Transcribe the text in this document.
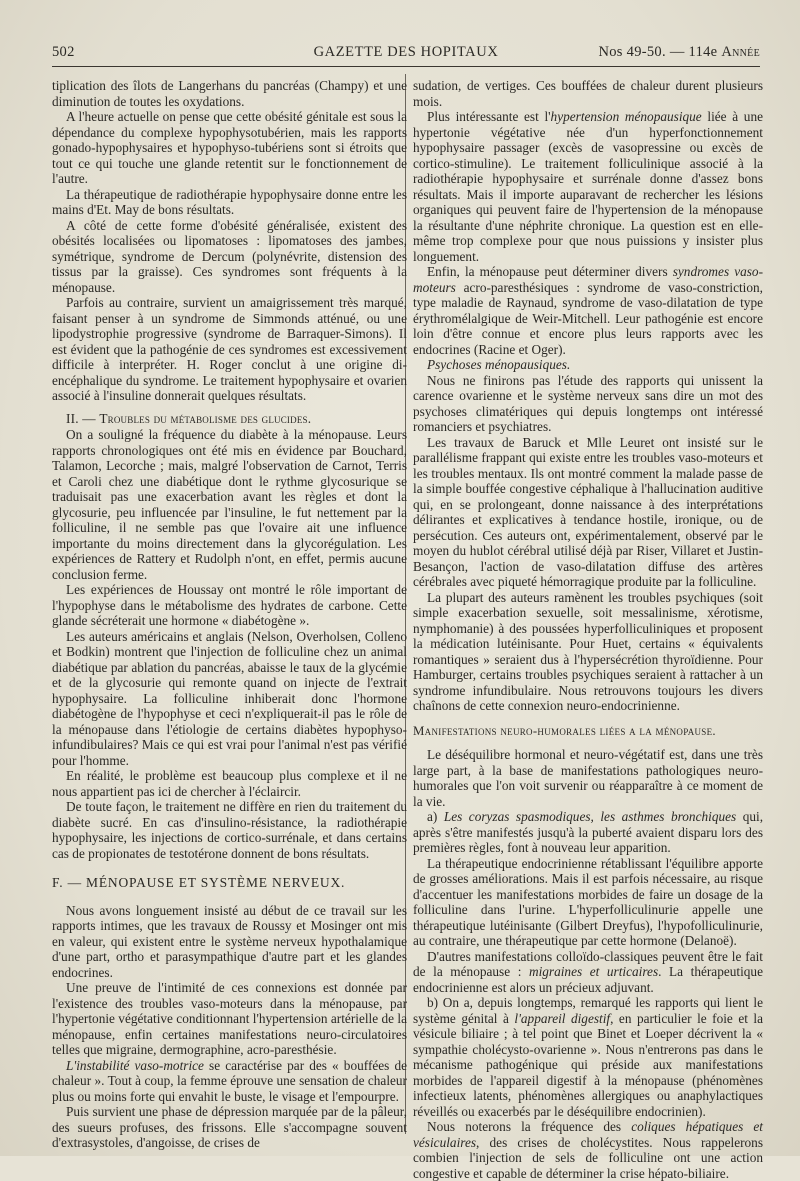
502	GAZETTE DES HOPITAUX	Nos 49-50. — 114e Année

tiplication des îlots de Langerhans du pancréas (Champy) et une diminution de toutes les oxydations.

A l'heure actuelle on pense que cette obésité génitale est sous la dépendance du complexe hypophysotubérien, mais les rapports gonado-hypophysaires et hypophyso-tubériens sont si étroits que tout ce qui touche une glande retentit sur le fonctionnement de l'autre.

La thérapeutique de radiothérapie hypophysaire donne entre les mains d'Et. May de bons résultats.

A côté de cette forme d'obésité généralisée, existent des obésités localisées ou lipomatoses : lipomatoses des jambes, symétrique, syndrome de Dercum (polynévrite, distension des tissus par la graisse). Ces syndromes sont fréquents à la ménopause.

Parfois au contraire, survient un amaigrissement très marqué, faisant penser à un syndrome de Simmonds atténué, ou une lipodystrophie progressive (syndrome de Barraquer-Simons). Il est évident que la pathogénie de ces syndromes est excessivement difficile à interpréter. H. Roger conclut à une origine di-encéphalique du syndrome. Le traitement hypophysaire et ovarien associé à l'insuline donnerait quelques résultats.

II. — Troubles du métabolisme des glucides.

On a souligné la fréquence du diabète à la ménopause. Leurs rapports chronologiques ont été mis en évidence par Bouchard, Talamon, Lecorche ; mais, malgré l'observation de Carnot, Terris et Caroli chez une diabétique dont le rythme glycosurique se traduisait pas une exacerbation avant les règles et dont la glycosurie, peu influencée par l'insuline, le fut nettement par la folliculine, il ne semble pas que l'ovaire ait une influence importante du moins directement dans la glycorégulation. Les expériences de Rattery et Rudolph n'ont, en effet, permis aucune conclusion ferme.

Les expériences de Houssay ont montré le rôle important de l'hypophyse dans le métabolisme des hydrates de carbone. Cette glande sécréterait une hormone « diabétogène ».

Les auteurs américains et anglais (Nelson, Overholsen, Colleno et Bodkin) montrent que l'injection de folliculine chez un animal diabétique par ablation du pancréas, abaisse le taux de la glycémie et de la glycosurie qui remonte quand on injecte de l'extrait hypophysaire. La folliculine inhiberait donc l'hormone diabétogène de l'hypophyse et ceci n'expliquerait-il pas le rôle de la ménopause dans l'étiologie de certains diabètes hypophyso-infundibulaires? Mais ce qui est vrai pour l'animal n'est pas vérifié pour l'homme.

En réalité, le problème est beaucoup plus complexe et il ne nous appartient pas ici de chercher à l'éclaircir.

De toute façon, le traitement ne diffère en rien du traitement du diabète sucré. En cas d'insulino-résistance, la radiothérapie hypophysaire, les injections de cortico-surrénale, et dans certains cas de propionates de testotérone donnent de bons résultats.

F. — MÉNOPAUSE ET SYSTÈME NERVEUX.

Nous avons longuement insisté au début de ce travail sur les rapports intimes, que les travaux de Roussy et Mosinger ont mis en valeur, qui existent entre le système nerveux hypothalamique d'une part, ortho et parasympathique d'autre part et les glandes endocrines.

Une preuve de l'intimité de ces connexions est donnée par l'existence des troubles vaso-moteurs dans la ménopause, par l'hypertonie végétative conditionnant l'hypertension artérielle de la ménopause, enfin certaines manifestations neuro-circulatoires telles que migraine, dermographine, acro-paresthésie.

L'instabilité vaso-motrice se caractérise par des « bouffées de chaleur ». Tout à coup, la femme éprouve une sensation de chaleur plus ou moins forte qui envahit le buste, le visage et l'empourpre.

Puis survient une phase de dépression marquée par de la pâleur, des sueurs profuses, des frissons. Elle s'accompagne souvent d'extrasystoles, d'angoisse, de crises de

sudation, de vertiges. Ces bouffées de chaleur durent plusieurs mois.

Plus intéressante est l'hypertension ménopausique liée à une hypertonie végétative née d'un hyperfonctionnement hypophysaire passager (excès de vasopressine ou excès de cortico-stimuline). Le traitement folliculinique associé à la radiothérapie hypophysaire et surrénale donne d'assez bons résultats. Mais il importe auparavant de rechercher les lésions organiques qui peuvent faire de l'hypertension de la ménopause la résultante d'une néphrite chronique. La question est en elle-même trop complexe pour que nous puissions y insister plus longuement.

Enfin, la ménopause peut déterminer divers syndromes vaso-moteurs acro-paresthésiques : syndrome de vaso-constriction, type maladie de Raynaud, syndrome de vaso-dilatation de type érythromélalgique de Weir-Mitchell. Leur pathogénie est encore loin d'être connue et encore plus leurs rapports avec les endocrines (Racine et Oger).

Psychoses ménopausiques.

Nous ne finirons pas l'étude des rapports qui unissent la carence ovarienne et le système nerveux sans dire un mot des psychoses climatériques qui depuis longtemps ont intéressé romanciers et psychiatres.

Les travaux de Baruck et Mlle Leuret ont insisté sur le parallélisme frappant qui existe entre les troubles vaso-moteurs et les troubles mentaux. Ils ont montré comment la malade passe de la simple bouffée congestive céphalique à l'hallucination auditive qui, en se prolongeant, donne naissance à des interprétations délirantes et explicatives à tendance hostile, ironique, ou de persécution. Ces auteurs ont, expérimentalement, observé par le moyen du hublot cérébral utilisé déjà par Riser, Villaret et Justin-Besançon, l'action de vaso-dilatation diffuse des artères cérébrales avec piqueté hémorragique produite par la folliculine.

La plupart des auteurs ramènent les troubles psychiques (soit simple exacerbation sexuelle, soit messalinisme, xérotisme, nymphomanie) à des poussées hyperfolliculiniques et proposent la médication lutéinisante. Pour Huet, certains « équivalents romantiques » seraient dus à l'hypersécrétion thyroïdienne. Pour Hamburger, certains troubles psychiques seraient à rattacher à un syndrome infundibulaire. Nous retrouvons toujours les divers chaînons de cette connexion neuro-endocrinienne.

Manifestations neuro-humorales liées a la ménopause.

Le déséquilibre hormonal et neuro-végétatif est, dans une très large part, à la base de manifestations pathologiques neuro-humorales que l'on voit survenir ou réapparaître à ce moment de la vie.

a) Les coryzas spasmodiques, les asthmes bronchiques qui, après s'être manifestés jusqu'à la puberté avaient disparu lors des premières règles, font à nouveau leur apparition.

La thérapeutique endocrinienne rétablissant l'équilibre apporte de grosses améliorations. Mais il est parfois nécessaire, au risque d'accentuer les manifestations morbides de faire un dosage de la folliculine dans l'urine. L'hyperfolliculinurie appelle une thérapeutique lutéinisante (Gilbert Dreyfus), l'hypofolliculinurie, au contraire, une thérapeutique par cette hormone (Delanoë).

D'autres manifestations colloïdo-classiques peuvent être le fait de la ménopause : migraines et urticaires. La thérapeutique endocrinienne est alors un précieux adjuvant.

b) On a, depuis longtemps, remarqué les rapports qui lient le système génital à l'appareil digestif, en particulier le foie et la vésicule biliaire ; à tel point que Binet et Loeper décrivent la « sympathie cholécysto-ovarienne ». Nous n'entrerons pas dans le mécanisme pathogénique qui préside aux manifestations morbides de l'appareil digestif à la ménopause (phénomènes infectieux latents, phénomènes allergiques ou anaphylactiques réveillés ou exacerbés par le déséquilibre endocrinien).

Nous noterons la fréquence des coliques hépatiques et vésiculaires, des crises de cholécystites. Nous rappelerons combien l'injection de sels de folliculine ont une action congestive et capable de déterminer la crise hépato-biliaire.
